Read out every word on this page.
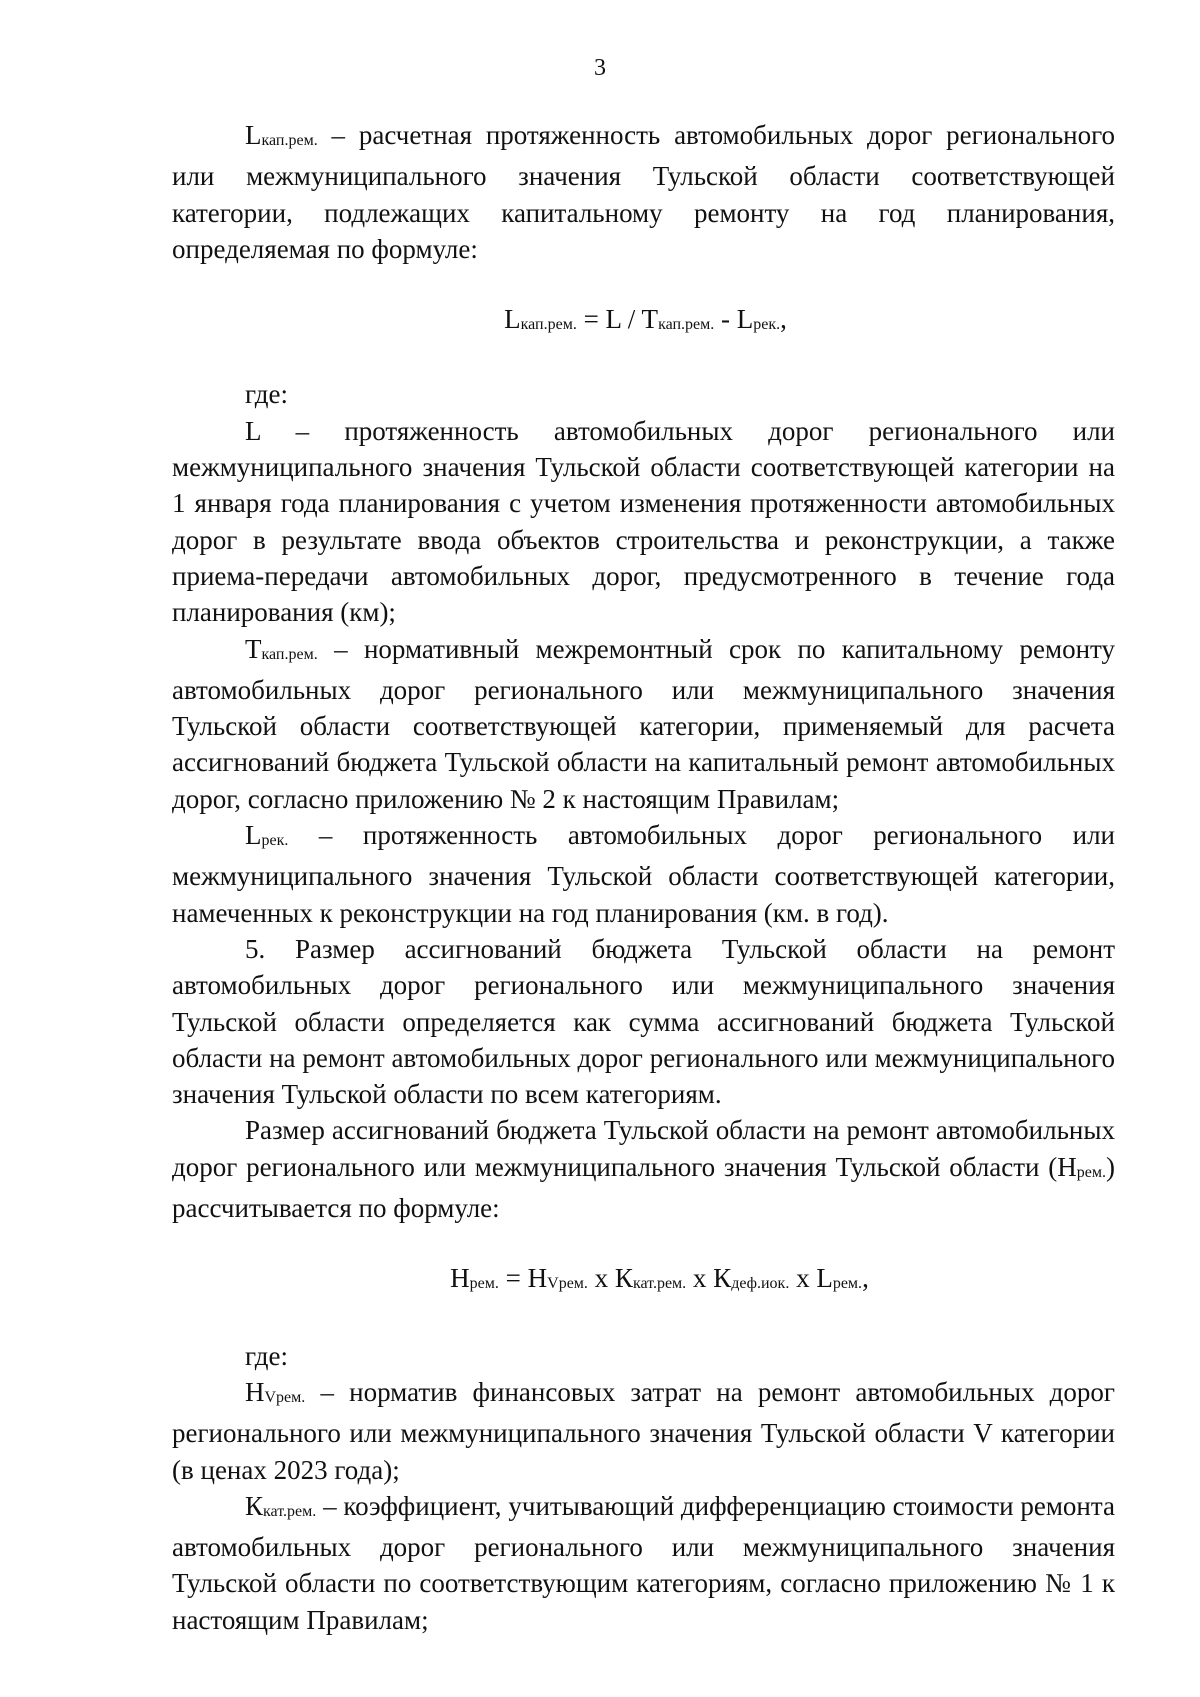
3

Lкап.рем. – расчетная протяженность автомобильных дорог регионального или межмуниципального значения Тульской области соответствующей категории, подлежащих капитальному ремонту на год планирования, определяемая по формуле:

Lкап.рем. = L / Tкап.рем. - Lрек.,

где:

L – протяженность автомобильных дорог регионального или межмуниципального значения Тульской области соответствующей категории на 1 января года планирования с учетом изменения протяженности автомобильных дорог в результате ввода объектов строительства и реконструкции, а также приема-передачи автомобильных дорог, предусмотренного в течение года планирования (км);

Tкап.рем. – нормативный межремонтный срок по капитальному ремонту автомобильных дорог регионального или межмуниципального значения Тульской области соответствующей категории, применяемый для расчета ассигнований бюджета Тульской области на капитальный ремонт автомобильных дорог, согласно приложению № 2 к настоящим Правилам;

Lрек. – протяженность автомобильных дорог регионального или межмуниципального значения Тульской области соответствующей категории, намеченных к реконструкции на год планирования (км. в год).

5. Размер ассигнований бюджета Тульской области на ремонт автомобильных дорог регионального или межмуниципального значения Тульской области определяется как сумма ассигнований бюджета Тульской области на ремонт автомобильных дорог регионального или межмуниципального значения Тульской области по всем категориям.

Размер ассигнований бюджета Тульской области на ремонт автомобильных дорог регионального или межмуниципального значения Тульской области (Нрем.) рассчитывается по формуле:

Нрем. = НVрем. х Ккат.рем. х Кдеф.иок. х Lрем.,

где:

НVрем. – норматив финансовых затрат на ремонт автомобильных дорог регионального или межмуниципального значения Тульской области V категории (в ценах 2023 года);

Ккат.рем. – коэффициент, учитывающий дифференциацию стоимости ремонта автомобильных дорог регионального или межмуниципального значения Тульской области по соответствующим категориям, согласно приложению № 1 к настоящим Правилам;
